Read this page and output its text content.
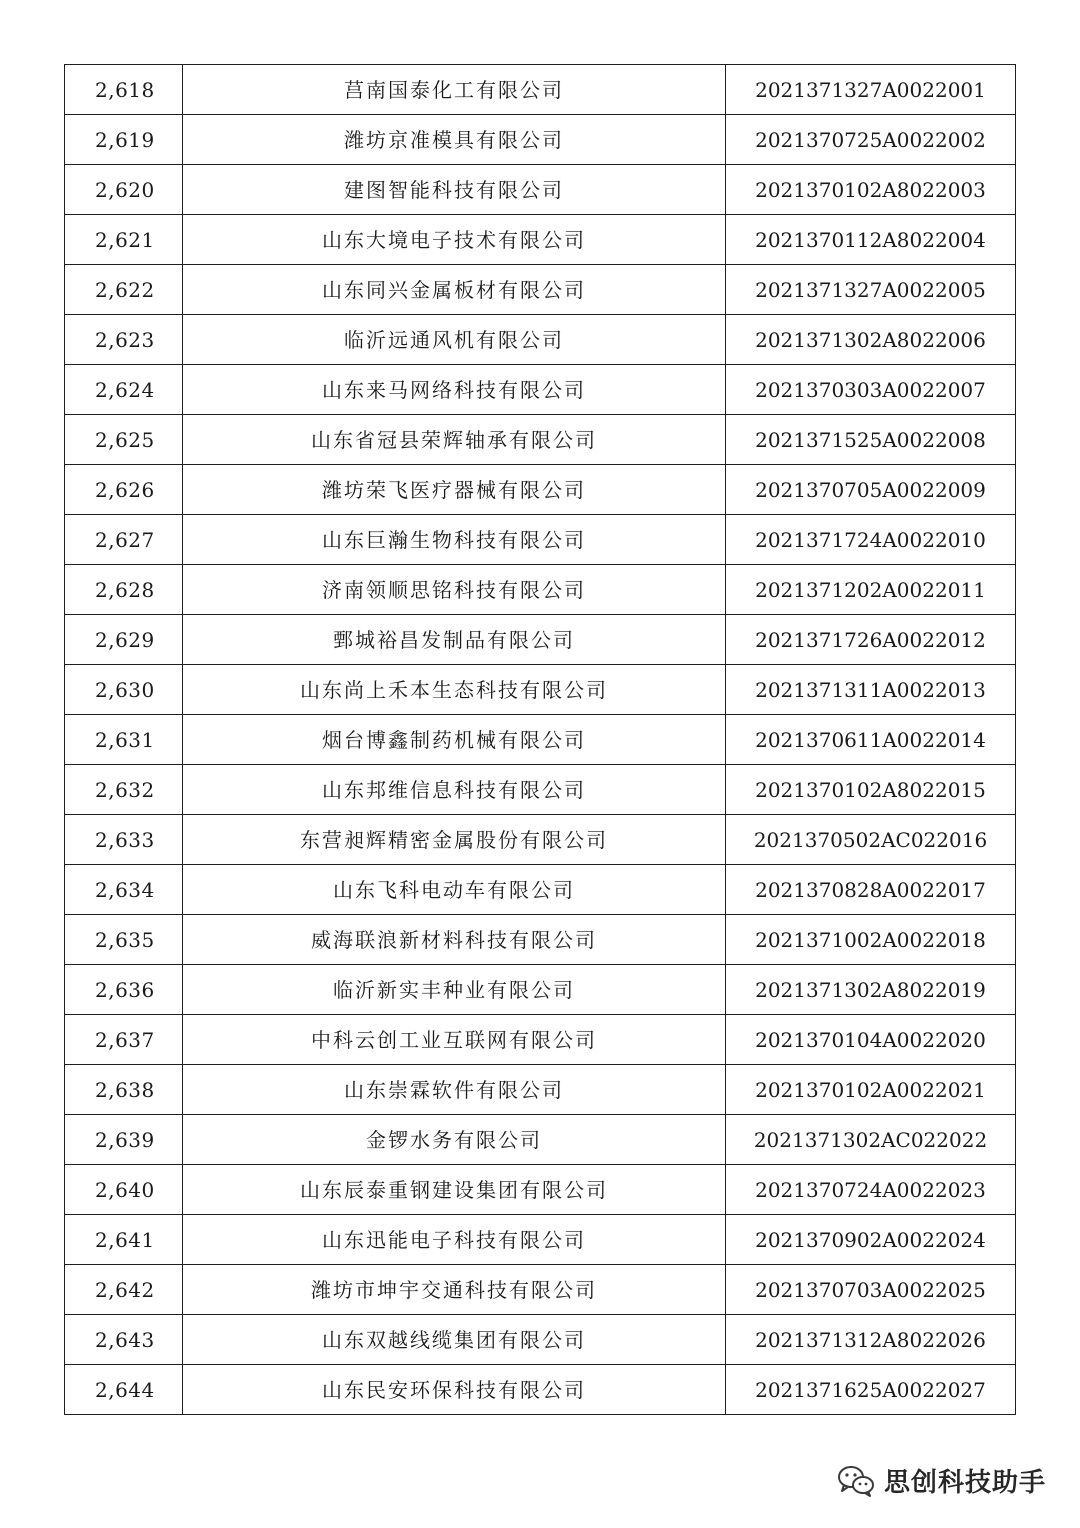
2,618	莒南国泰化工有限公司	2021371327A0022001
2,619	潍坊京准模具有限公司	2021370725A0022002
2,620	建图智能科技有限公司	2021370102A8022003
2,621	山东大境电子技术有限公司	2021370112A8022004
2,622	山东同兴金属板材有限公司	2021371327A0022005
2,623	临沂远通风机有限公司	2021371302A8022006
2,624	山东来马网络科技有限公司	2021370303A0022007
2,625	山东省冠县荣辉轴承有限公司	2021371525A0022008
2,626	潍坊荣飞医疗器械有限公司	2021370705A0022009
2,627	山东巨瀚生物科技有限公司	2021371724A0022010
2,628	济南领顺思铭科技有限公司	2021371202A0022011
2,629	鄄城裕昌发制品有限公司	2021371726A0022012
2,630	山东尚上禾本生态科技有限公司	2021371311A0022013
2,631	烟台博鑫制药机械有限公司	2021370611A0022014
2,632	山东邦维信息科技有限公司	2021370102A8022015
2,633	东营昶辉精密金属股份有限公司	2021370502AC022016
2,634	山东飞科电动车有限公司	2021370828A0022017
2,635	威海联浪新材料科技有限公司	2021371002A0022018
2,636	临沂新实丰种业有限公司	2021371302A8022019
2,637	中科云创工业互联网有限公司	2021370104A0022020
2,638	山东崇霖软件有限公司	2021370102A0022021
2,639	金锣水务有限公司	2021371302AC022022
2,640	山东辰泰重钢建设集团有限公司	2021370724A0022023
2,641	山东迅能电子科技有限公司	2021370902A0022024
2,642	潍坊市坤宇交通科技有限公司	2021370703A0022025
2,643	山东双越线缆集团有限公司	2021371312A8022026
2,644	山东民安环保科技有限公司	2021371625A0022027
思创科技助手
